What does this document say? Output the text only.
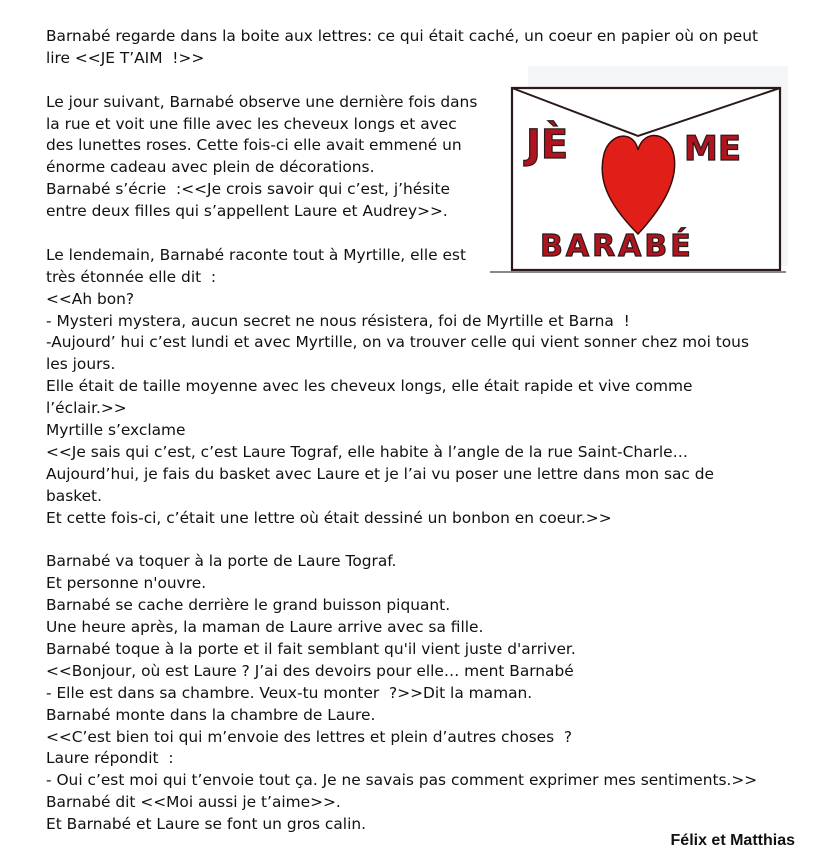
Barnabé regarde dans la boite aux lettres: ce qui était caché, un coeur en papier où on peut
lire <<JE T’AIM  !>>
Le jour suivant, Barnabé observe une dernière fois dans
la rue et voit une fille avec les cheveux longs et avec
des lunettes roses. Cette fois-ci elle avait emmené un
énorme cadeau avec plein de décorations.
Barnabé s’écrie  :<<Je crois savoir qui c’est, j’hésite
entre deux filles qui s’appellent Laure et Audrey>>.
Le lendemain, Barnabé raconte tout à Myrtille, elle est
très étonnée elle dit  :
<<Ah bon?
- Mysteri mystera, aucun secret ne nous résistera, foi de Myrtille et Barna  !
-Aujourd’ hui c’est lundi et avec Myrtille, on va trouver celle qui vient sonner chez moi tous
les jours.
Elle était de taille moyenne avec les cheveux longs, elle était rapide et vive comme
l’éclair.>>
Myrtille s’exclame
<<Je sais qui c’est, c’est Laure Tograf, elle habite à l’angle de la rue Saint-Charle…
Aujourd’hui, je fais du basket avec Laure et je l’ai vu poser une lettre dans mon sac de
basket.
Et cette fois-ci, c’était une lettre où était dessiné un bonbon en coeur.>>
Barnabé va toquer à la porte de Laure Tograf.
Et personne n'ouvre.
Barnabé se cache derrière le grand buisson piquant.
Une heure après, la maman de Laure arrive avec sa fille.
Barnabé toque à la porte et il fait semblant qu'il vient juste d'arriver.
<<Bonjour, où est Laure ? J’ai des devoirs pour elle… ment Barnabé
- Elle est dans sa chambre. Veux-tu monter  ?>>Dit la maman.
Barnabé monte dans la chambre de Laure.
<<C’est bien toi qui m’envoie des lettres et plein d’autres choses  ?
Laure répondit  :
- Oui c’est moi qui t’envoie tout ça. Je ne savais pas comment exprimer mes sentiments.>>
Barnabé dit <<Moi aussi je t’aime>>.
Et Barnabé et Laure se font un gros calin.
JÈ	ME
BARABÉ
Félix et Matthias
